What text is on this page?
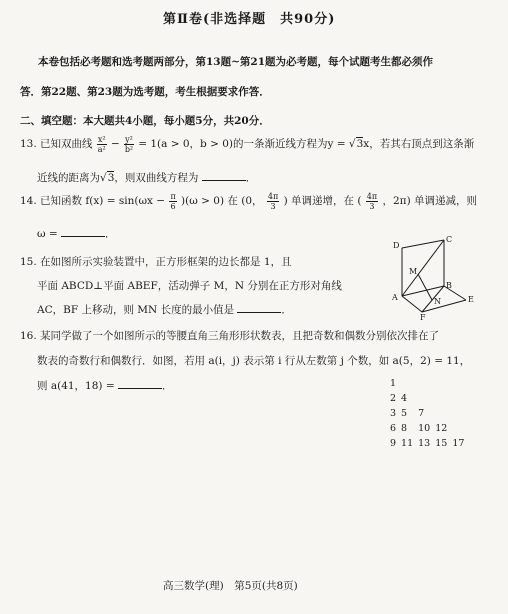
第Ⅱ卷(非选择题　共90分)
本卷包括必考题和选考题两部分，第13题~第21题为必考题，每个试题考生都必须作
答．第22题、第23题为选考题，考生根据要求作答．
二、填空题：本大题共4小题，每小题5分，共20分．
13. 已知双曲线 $\frac{\text{x²}}{\text{a²}} - \frac{\text{y²}}{\text{b²}} = 1(a > 0$，b > 0)的一条渐近线方程为y = √3x，若其右顶点到这条渐
近线的距离为√3，则双曲线方程为	．
14. 已知函数 $f(x) = \sin(\omega x - \frac{\pi}{6} )(\omega > 0)$ 在 (0， $\frac{4\pi}{3}$ ) 单调递增，在 ( $\frac{4\pi}{3}$ ，2π) 单调递减，则
ω =	．
15. 在如图所示实验装置中，正方形框架的边长都是 1，且
平面 ABCD⊥平面 ABEF，活动弹子 M，N 分别在正方形对角线
AC，BF 上移动，则 MN 长度的最小值是	．
D
C
M
A
B
N
F
E
16. 某同学做了一个如图所示的等腰直角三角形形状数表，且把奇数和偶数分别依次排在了
数表的奇数行和偶数行．如图，若用 a(i，j) 表示第 i 行从左数第 j 个数，如 a(5，2) = 11，
则 a(41，18) =	．	1				
2	4			
3	5	7		
6	8	10	12	
9	11	13	15	17
高三数学(理)　第5页(共8页)
